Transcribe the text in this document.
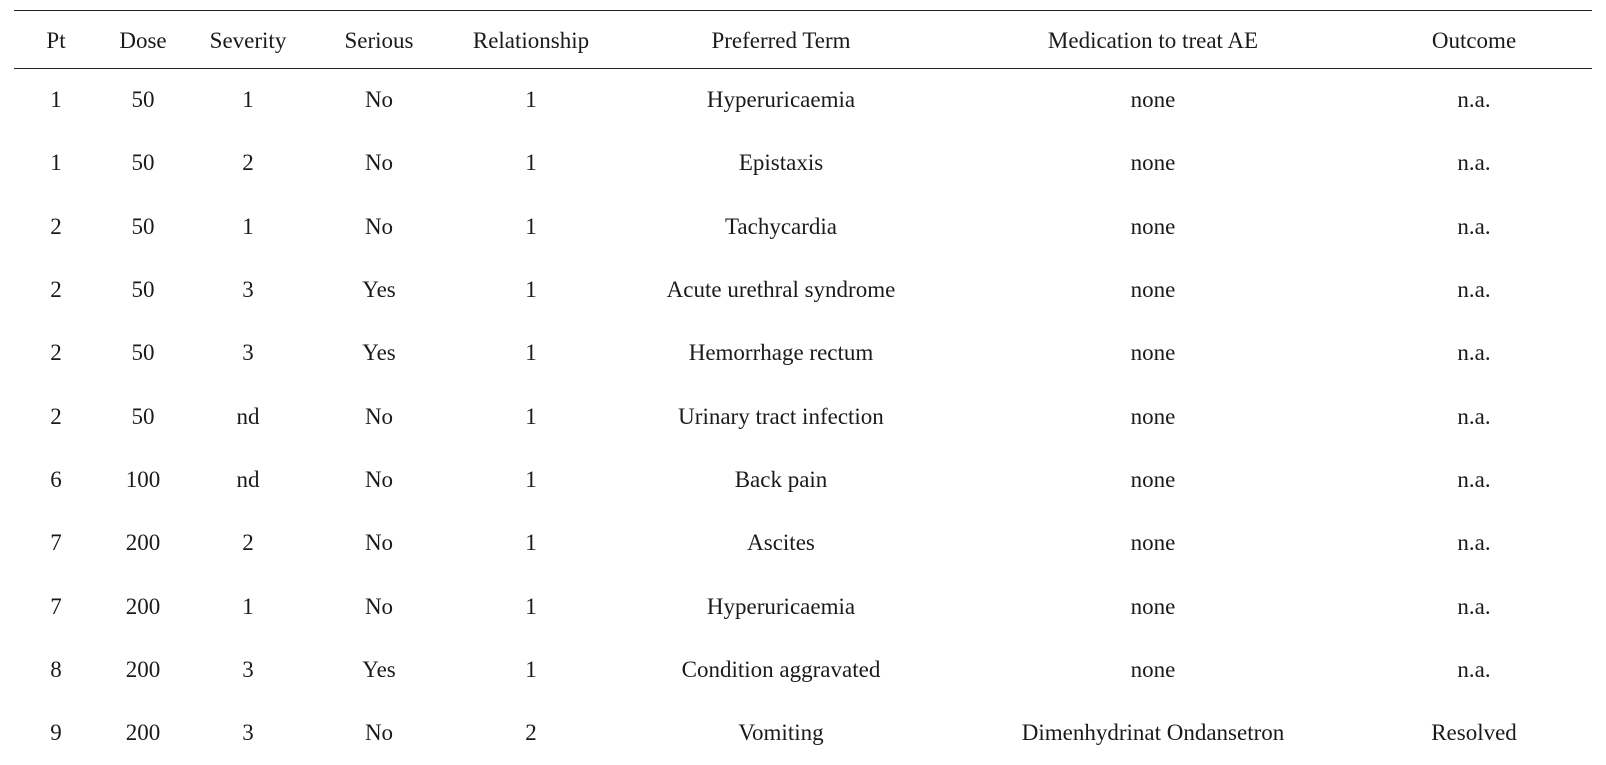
Pt	Dose	Severity	Serious	Relationship	Preferred Term	Medication to treat AE	Outcome
1	50	1	No	1	Hyperuricaemia	none	n.a.
1	50	2	No	1	Epistaxis	none	n.a.
2	50	1	No	1	Tachycardia	none	n.a.
2	50	3	Yes	1	Acute urethral syndrome	none	n.a.
2	50	3	Yes	1	Hemorrhage rectum	none	n.a.
2	50	nd	No	1	Urinary tract infection	none	n.a.
6	100	nd	No	1	Back pain	none	n.a.
7	200	2	No	1	Ascites	none	n.a.
7	200	1	No	1	Hyperuricaemia	none	n.a.
8	200	3	Yes	1	Condition aggravated	none	n.a.
9	200	3	No	2	Vomiting	Dimenhydrinat Ondansetron	Resolved
